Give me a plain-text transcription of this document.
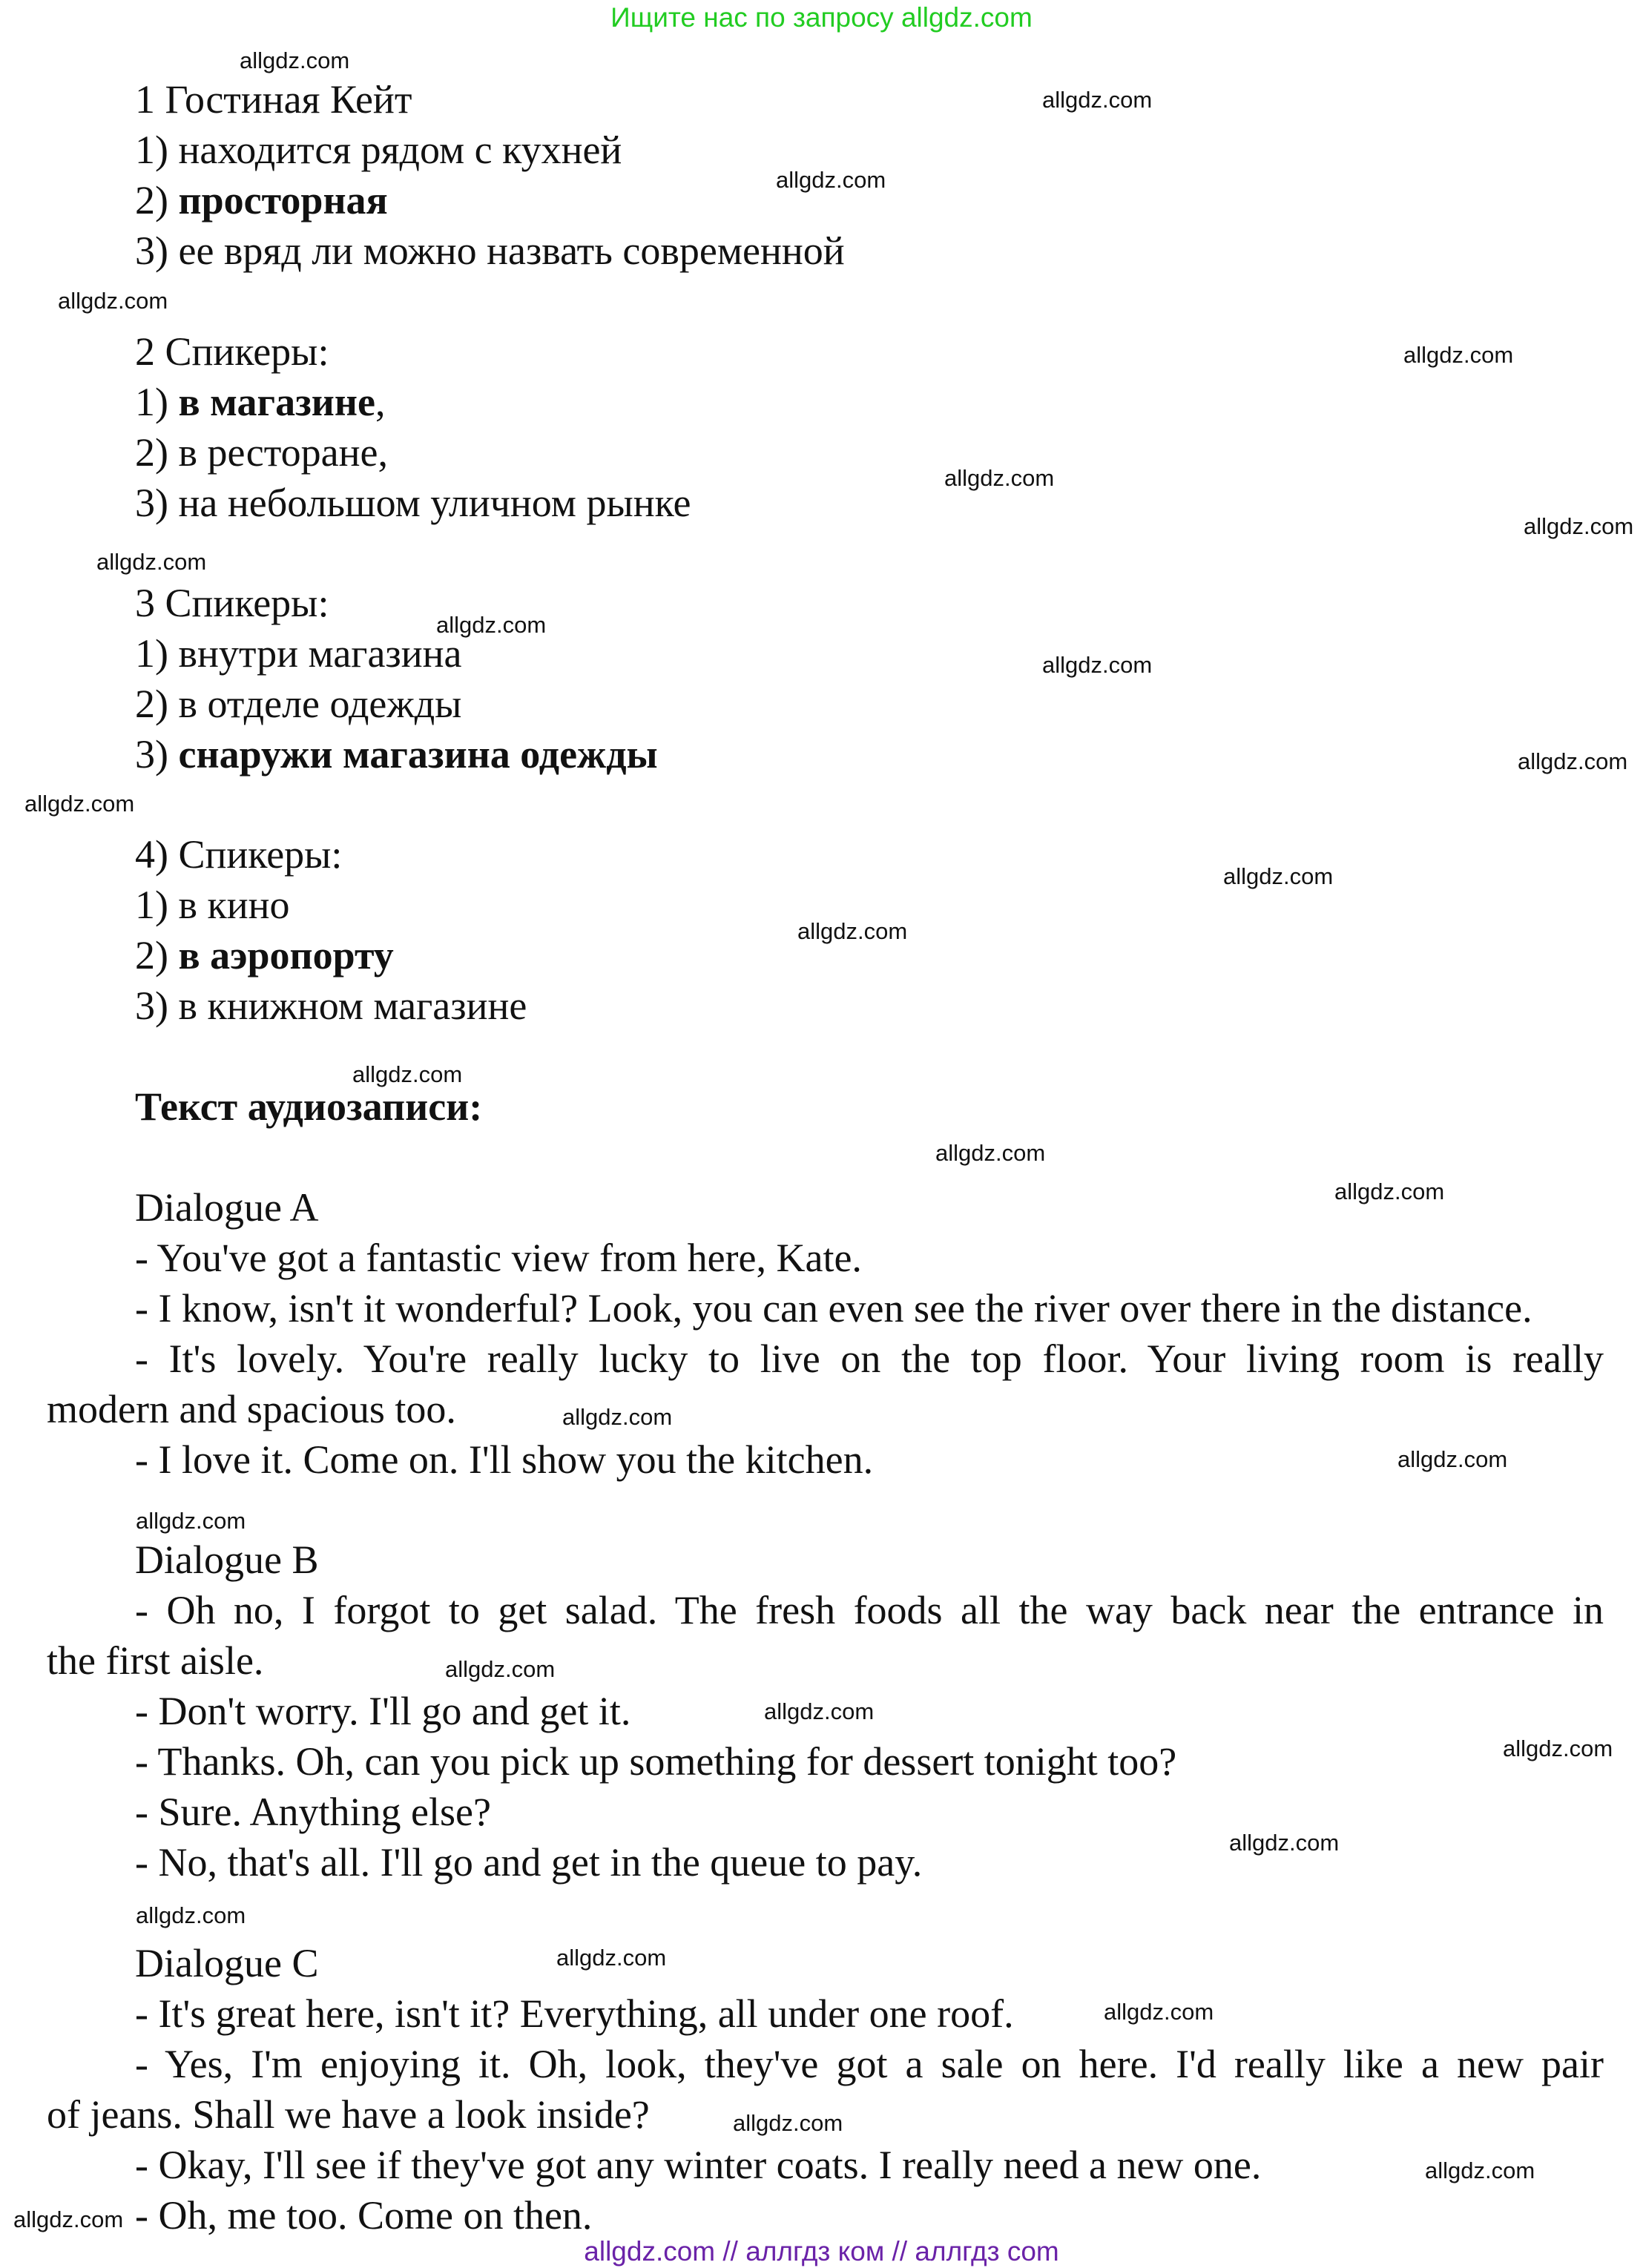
Ищите нас по запросу allgdz.com

1 Гостиная Кейт

1) находится рядом с кухней

2) просторная

3) ее вряд ли можно назвать современной

2 Спикеры:

1) в магазине,

2) в ресторане,

3) на небольшом уличном рынке

3 Спикеры:

1) внутри магазина

2) в отделе одежды

3) снаружи магазина одежды

4) Спикеры:

1) в кино

2) в аэропорту

3) в книжном магазине

Текст аудиозаписи:

Dialogue A

- You've got a fantastic view from here, Kate.

- I know, isn't it wonderful? Look, you can even see the river over there in the distance.

- It's lovely. You're really lucky to live on the top floor. Your living room is really

modern and spacious too.

- I love it. Come on. I'll show you the kitchen.

Dialogue B

- Oh no, I forgot to get salad. The fresh foods all the way back near the entrance in

the first aisle.

- Don't worry. I'll go and get it.

- Thanks. Oh, can you pick up something for dessert tonight too?

- Sure. Anything else?

- No, that's all. I'll go and get in the queue to pay.

Dialogue C

- It's great here, isn't it? Everything, all under one roof.

- Yes, I'm enjoying it. Oh, look, they've got a sale on here. I'd really like a new pair

of jeans. Shall we have a look inside?

- Okay, I'll see if they've got any winter coats. I really need a new one.

- Oh, me too. Come on then.

allgdz.com
allgdz.com
allgdz.com
allgdz.com
allgdz.com
allgdz.com
allgdz.com
allgdz.com
allgdz.com
allgdz.com
allgdz.com
allgdz.com
allgdz.com
allgdz.com
allgdz.com
allgdz.com
allgdz.com
allgdz.com
allgdz.com
allgdz.com
allgdz.com
allgdz.com
allgdz.com
allgdz.com
allgdz.com
allgdz.com
allgdz.com
allgdz.com
allgdz.com
allgdz.com
allgdz.com // аллгдз ком // аллгдз com
